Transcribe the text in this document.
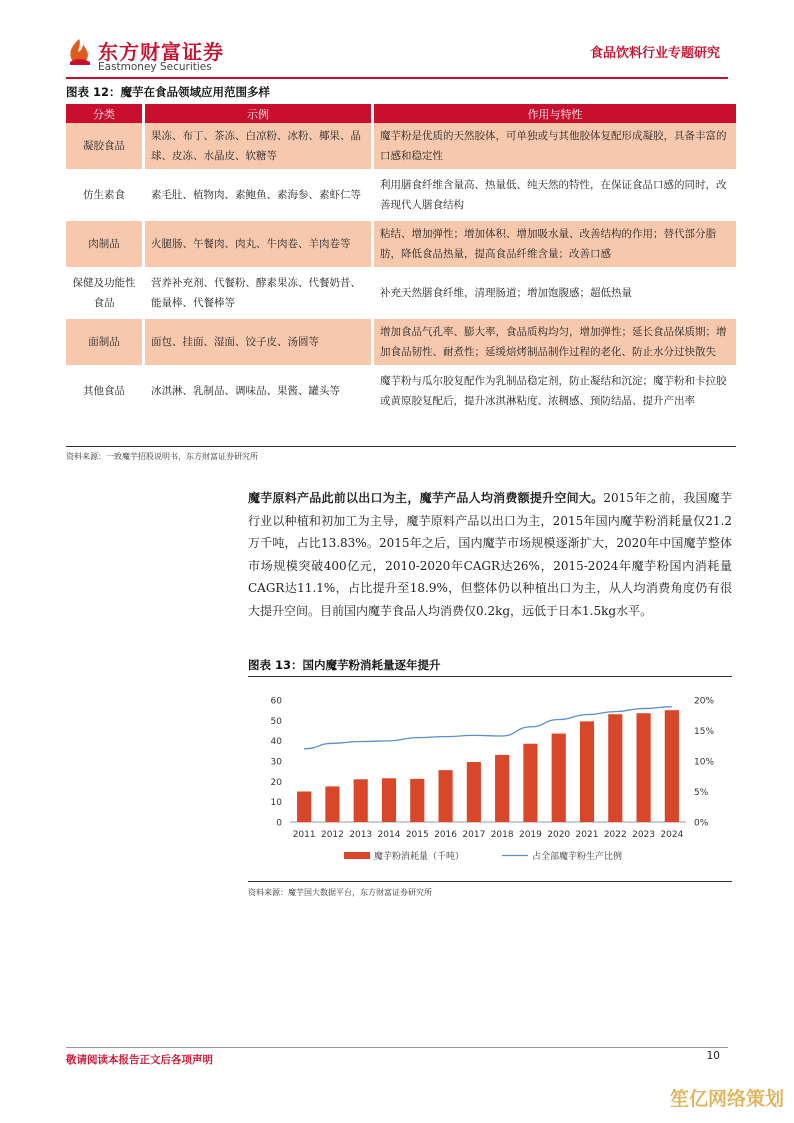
东方财富证券
Eastmoney Securities
食品饮料行业专题研究
图表 12：魔芋在食品领域应用范围多样
分类	示例	作用与特性
凝胶食品	果冻、布丁、茶冻、白凉粉、冰粉、椰果、晶球、皮冻、水晶皮、软糖等	魔芋粉是优质的天然胶体，可单独或与其他胶体复配形成凝胶，具备丰富的口感和稳定性
仿生素食	素毛肚、植物肉、素鲍鱼、素海参、素虾仁等	利用膳食纤维含量高、热量低、纯天然的特性，在保证食品口感的同时，改善现代人膳食结构
肉制品	火腿肠、午餐肉、肉丸、牛肉卷、羊肉卷等	粘结、增加弹性；增加体积、增加吸水量、改善结构的作用；替代部分脂肪，降低食品热量，提高食品纤维含量；改善口感
保健及功能性食品	营养补充剂、代餐粉、酵素果冻、代餐奶昔、能量棒、代餐棒等	补充天然膳食纤维，清理肠道；增加饱腹感；超低热量
面制品	面包、挂面、湿面、饺子皮、汤圆等	增加食品气孔率、膨大率，食品质构均匀，增加弹性；延长食品保质期；增加食品韧性、耐煮性；延缓焙烤制品制作过程的老化、防止水分过快散失
其他食品	冰淇淋、乳制品、调味品、果酱、罐头等	魔芋粉与瓜尔胶复配作为乳制品稳定剂，防止凝结和沉淀；魔芋粉和卡拉胶或黄原胶复配后，提升冰淇淋粘度、浓稠感、预防结晶、提升产出率
资料来源：一致魔芋招股说明书，东方财富证券研究所
魔芋原料产品此前以出口为主，魔芋产品人均消费额提升空间大。2015年之前，我国魔芋行业以种植和初加工为主导，魔芋原料产品以出口为主，2015年国内魔芋粉消耗量仅21.2万千吨，占比13.83%。2015年之后，国内魔芋市场规模逐渐扩大，2020年中国魔芋整体市场规模突破400亿元，2010-2020年CAGR达26%，2015-2024年魔芋粉国内消耗量CAGR达11.1%，占比提升至18.9%，但整体仍以种植出口为主，从人均消费角度仍有很大提升空间。目前国内魔芋食品人均消费仅0.2kg，远低于日本1.5kg水平。
图表 13：国内魔芋粉消耗量逐年提升
0
10
20
30
40
50
60
0%
5%
10%
15%
20%
2011 2012 2013 2014 2015 2016 2017 2018 2019 2020 2021 2022 2023 2024
魔芋粉消耗量（千吨）	占全部魔芋粉生产比例
资料来源：魔芋国大数据平台，东方财富证券研究所
敬请阅读本报告正文后各项声明	10
笙亿网络策划
